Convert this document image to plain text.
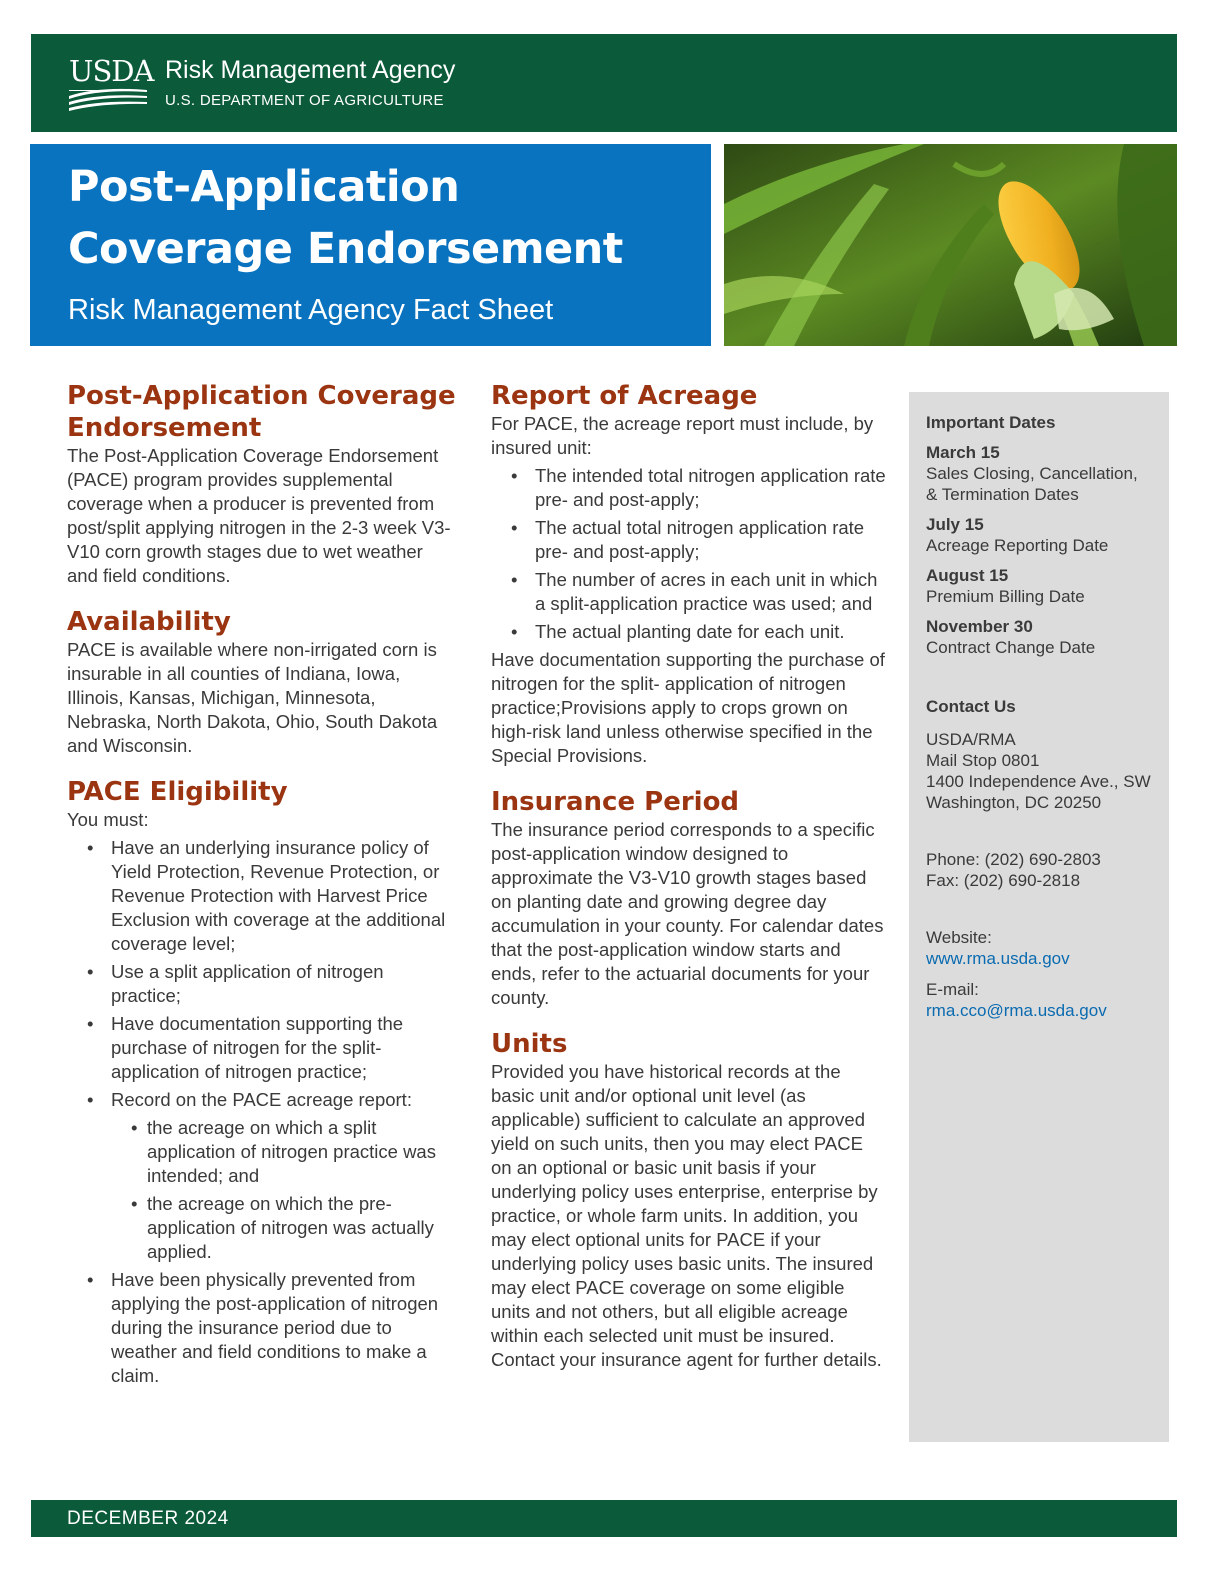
USDA Risk Management Agency
U.S. DEPARTMENT OF AGRICULTURE
Post-Application
Coverage Endorsement
Risk Management Agency Fact Sheet
Post-Application Coverage
Endorsement

The Post-Application Coverage Endorsement (PACE) program provides supplemental coverage when a producer is prevented from post/split applying nitrogen in the 2-3 week V3-V10 corn growth stages due to wet weather and field conditions.

Availability

PACE is available where non-irrigated corn is insurable in all counties of Indiana, Iowa, Illinois, Kansas, Michigan, Minnesota, Nebraska, North Dakota, Ohio, South Dakota and Wisconsin.

PACE Eligibility

You must:

• Have an underlying insurance policy of Yield Protection, Revenue Protection, or Revenue Protection with Harvest Price Exclusion with coverage at the additional coverage level;
• Use a split application of nitrogen practice;
• Have documentation supporting the purchase of nitrogen for the split-application of nitrogen practice;
• Record on the PACE acreage report:
• the acreage on which a split application of nitrogen practice was intended; and
• the acreage on which the pre-application of nitrogen was actually applied.
• Have been physically prevented from applying the post-application of nitrogen during the insurance period due to weather and field conditions to make a claim.
Report of Acreage

For PACE, the acreage report must include, by insured unit:

• The intended total nitrogen application rate pre- and post-apply;
• The actual total nitrogen application rate pre- and post-apply;
• The number of acres in each unit in which a split-application practice was used; and
• The actual planting date for each unit.

Have documentation supporting the purchase of nitrogen for the split- application of nitrogen practice;Provisions apply to crops grown on high-risk land unless otherwise specified in the Special Provisions.

Insurance Period

The insurance period corresponds to a specific post-application window designed to approximate the V3-V10 growth stages based on planting date and growing degree day accumulation in your county. For calendar dates that the post-application window starts and ends, refer to the actuarial documents for your county.

Units

Provided you have historical records at the basic unit and/or optional unit level (as applicable) sufficient to calculate an approved yield on such units, then you may elect PACE on an optional or basic unit basis if your underlying policy uses enterprise, enterprise by practice, or whole farm units. In addition, you may elect optional units for PACE if your underlying policy uses basic units. The insured may elect PACE coverage on some eligible units and not others, but all eligible acreage within each selected unit must be insured. Contact your insurance agent for further details.

Important Dates
March 15
Sales Closing, Cancellation,
& Termination Dates
July 15
Acreage Reporting Date
August 15
Premium Billing Date
November 30
Contract Change Date
Contact Us
USDA/RMA
Mail Stop 0801
1400 Independence Ave., SW
Washington, DC 20250
Phone: (202) 690-2803
Fax: (202) 690-2818
Website:
www.rma.usda.gov
E-mail:
rma.cco@rma.usda.gov
DECEMBER 2024
